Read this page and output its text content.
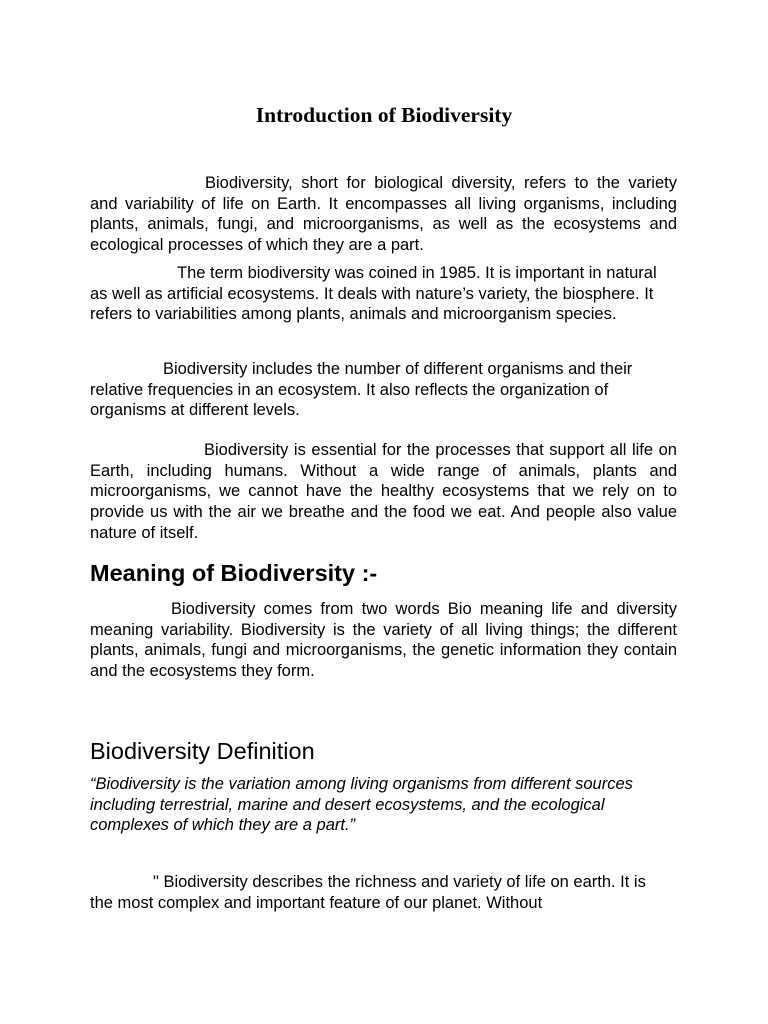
Introduction of Biodiversity

Biodiversity, short for biological diversity, refers to the variety and variability of life on Earth. It encompasses all living organisms, including plants, animals, fungi, and microorganisms, as well as the ecosystems and ecological processes of which they are a part.

The term biodiversity was coined in 1985. It is important in natural as well as artificial ecosystems. It deals with nature’s variety, the biosphere. It refers to variabilities among plants, animals and microorganism species.

Biodiversity includes the number of different organisms and their relative frequencies in an ecosystem. It also reflects the organization of organisms at different levels.

Biodiversity is essential for the processes that support all life on Earth, including humans. Without a wide range of animals, plants and microorganisms, we cannot have the healthy ecosystems that we rely on to provide us with the air we breathe and the food we eat. And people also value nature of itself.

Meaning of Biodiversity :-

Biodiversity comes from two words Bio meaning life and diversity meaning variability. Biodiversity is the variety of all living things; the different plants, animals, fungi and microorganisms, the genetic information they contain and the ecosystems they form.

Biodiversity Definition

“Biodiversity is the variation among living organisms from different sources including terrestrial, marine and desert ecosystems, and the ecological complexes of which they are a part.”

" Biodiversity describes the richness and variety of life on earth. It is the most complex and important feature of our planet. Without
